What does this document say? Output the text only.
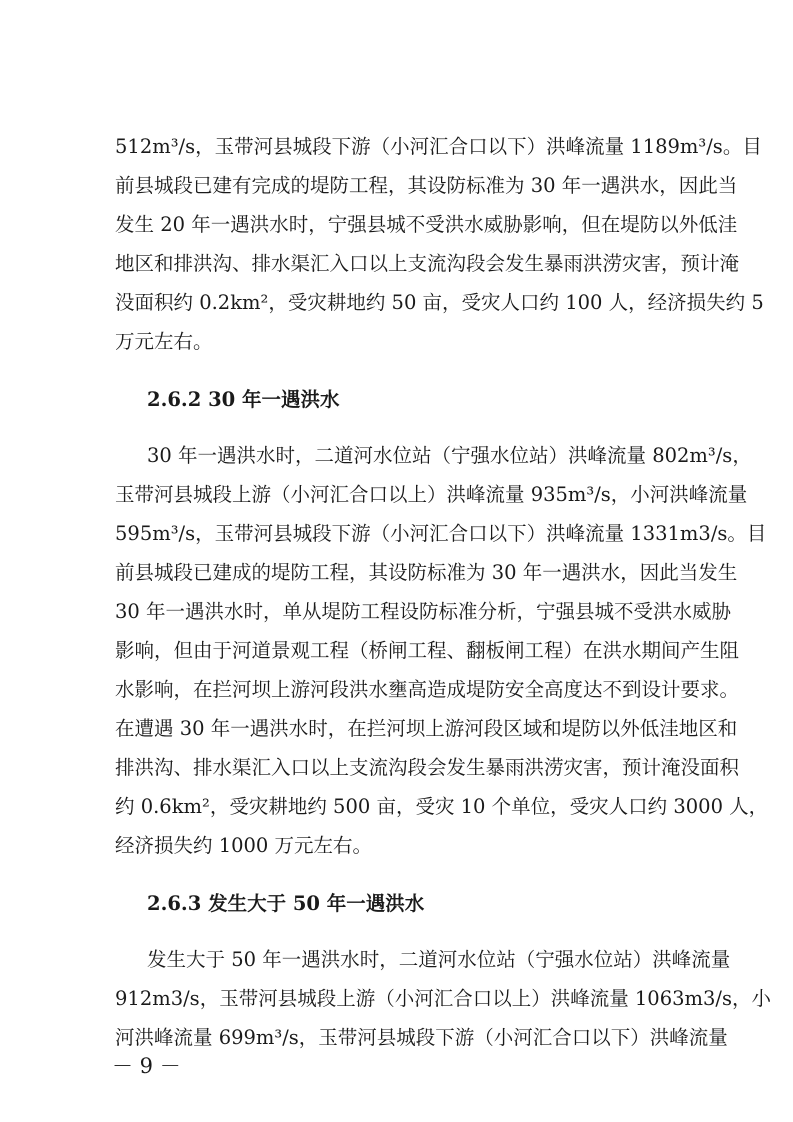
512m³/s，玉带河县城段下游（小河汇合口以下）洪峰流量 1189m³/s。目
前县城段已建有完成的堤防工程，其设防标准为 30 年一遇洪水，因此当
发生 20 年一遇洪水时，宁强县城不受洪水威胁影响，但在堤防以外低洼
地区和排洪沟、排水渠汇入口以上支流沟段会发生暴雨洪涝灾害，预计淹
没面积约 0.2km²，受灾耕地约 50 亩，受灾人口约 100 人，经济损失约 5
万元左右。
2.6.2 30 年一遇洪水
30 年一遇洪水时，二道河水位站（宁强水位站）洪峰流量 802m³/s，
玉带河县城段上游（小河汇合口以上）洪峰流量 935m³/s，小河洪峰流量
595m³/s，玉带河县城段下游（小河汇合口以下）洪峰流量 1331m3/s。目
前县城段已建成的堤防工程，其设防标准为 30 年一遇洪水，因此当发生
30 年一遇洪水时，单从堤防工程设防标准分析，宁强县城不受洪水威胁
影响，但由于河道景观工程（桥闸工程、翻板闸工程）在洪水期间产生阻
水影响，在拦河坝上游河段洪水壅高造成堤防安全高度达不到设计要求。
在遭遇 30 年一遇洪水时，在拦河坝上游河段区域和堤防以外低洼地区和
排洪沟、排水渠汇入口以上支流沟段会发生暴雨洪涝灾害，预计淹没面积
约 0.6km²，受灾耕地约 500 亩，受灾 10 个单位，受灾人口约 3000 人，
经济损失约 1000 万元左右。
2.6.3 发生大于 50 年一遇洪水
发生大于 50 年一遇洪水时，二道河水位站（宁强水位站）洪峰流量
912m3/s，玉带河县城段上游（小河汇合口以上）洪峰流量 1063m3/s，小
河洪峰流量 699m³/s，玉带河县城段下游（小河汇合口以下）洪峰流量
－ 9 －
